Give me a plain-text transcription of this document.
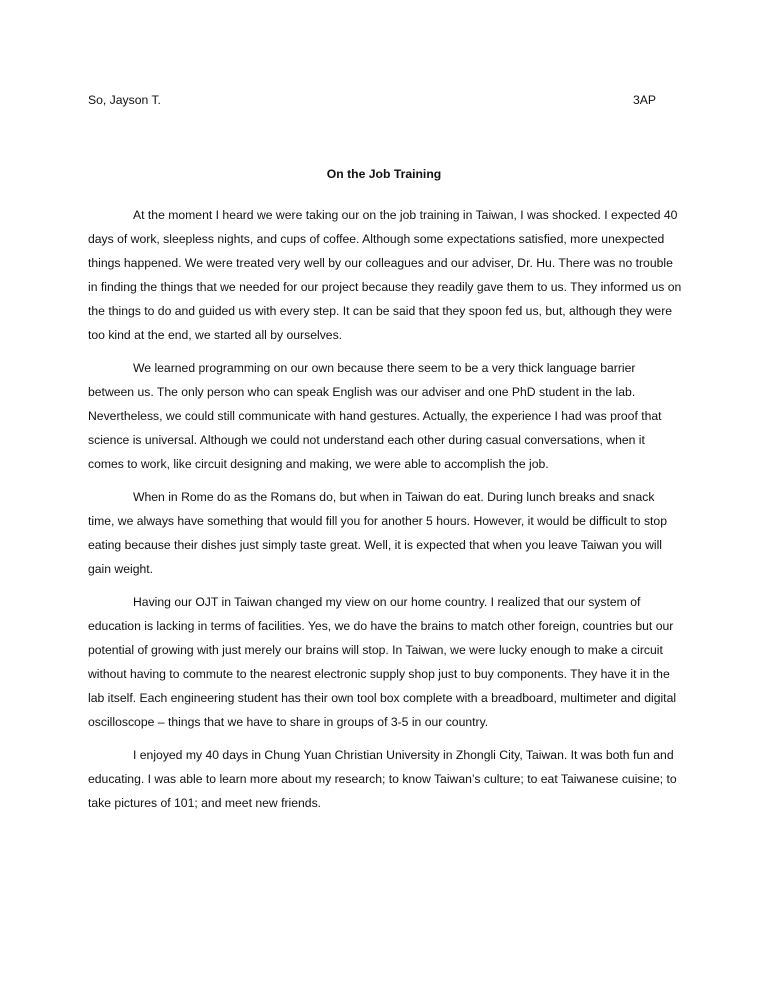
So, Jayson T.	3AP
On the Job Training

At the moment I heard we were taking our on the job training in Taiwan, I was shocked. I expected 40 days of work, sleepless nights, and cups of coffee. Although some expectations satisfied, more unexpected things happened. We were treated very well by our colleagues and our adviser, Dr. Hu. There was no trouble in finding the things that we needed for our project because they readily gave them to us. They informed us on the things to do and guided us with every step. It can be said that they spoon fed us, but, although they were too kind at the end, we started all by ourselves.

We learned programming on our own because there seem to be a very thick language barrier between us. The only person who can speak English was our adviser and one PhD student in the lab. Nevertheless, we could still communicate with hand gestures. Actually, the experience I had was proof that science is universal. Although we could not understand each other during casual conversations, when it comes to work, like circuit designing and making, we were able to accomplish the job.

When in Rome do as the Romans do, but when in Taiwan do eat. During lunch breaks and snack time, we always have something that would fill you for another 5 hours. However, it would be difficult to stop eating because their dishes just simply taste great. Well, it is expected that when you leave Taiwan you will gain weight.

Having our OJT in Taiwan changed my view on our home country. I realized that our system of education is lacking in terms of facilities. Yes, we do have the brains to match other foreign, countries but our potential of growing with just merely our brains will stop. In Taiwan, we were lucky enough to make a circuit without having to commute to the nearest electronic supply shop just to buy components. They have it in the lab itself. Each engineering student has their own tool box complete with a breadboard, multimeter and digital oscilloscope – things that we have to share in groups of 3-5 in our country.

I enjoyed my 40 days in Chung Yuan Christian University in Zhongli City, Taiwan. It was both fun and educating. I was able to learn more about my research; to know Taiwan’s culture; to eat Taiwanese cuisine; to take pictures of 101; and meet new friends.
